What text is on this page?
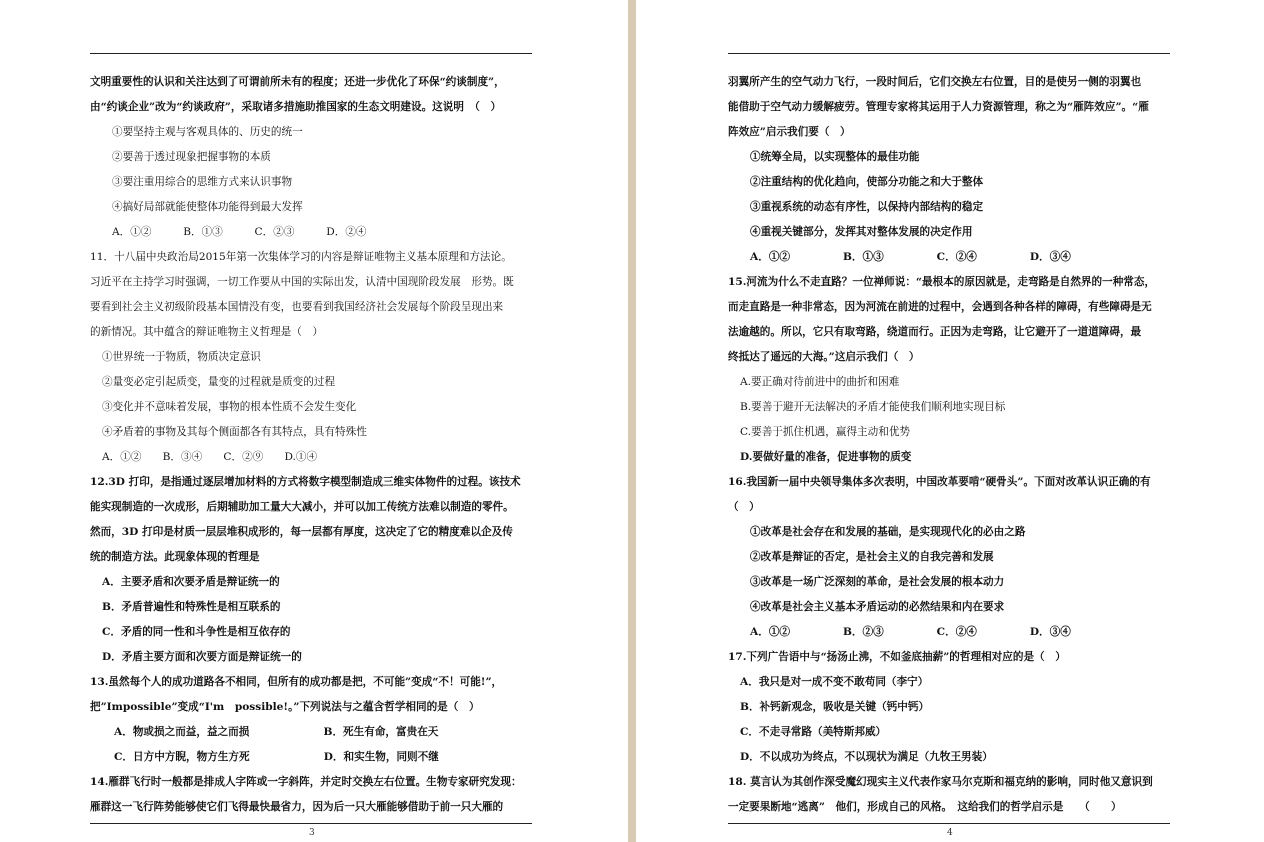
文明重要性的认识和关注达到了可谓前所未有的程度；还进一步优化了环保“约谈制度”，
由“约谈企业”改为“约谈政府”，采取诸多措施助推国家的生态文明建设。这说明　（　）
①要坚持主观与客观具体的、历史的统一
②要善于透过现象把握事物的本质
③要注重用综合的思维方式来认识事物
④搞好局部就能使整体功能得到最大发挥
A．①②　　　B．①③　　　C．②③　　　D．②④
11．十八届中央政治局2015年第一次集体学习的内容是辩证唯物主义基本原理和方法论。
习近平在主持学习时强调，一切工作要从中国的实际出发，认清中国现阶段发展　形势。既
要看到社会主义初级阶段基本国情没有变，也要看到我国经济社会发展每个阶段呈现出来
的新情况。其中蕴含的辩证唯物主义哲理是（　）
①世界统一于物质，物质决定意识
②量变必定引起质变，量变的过程就是质变的过程
③变化并不意味着发展，事物的根本性质不会发生变化
④矛盾着的事物及其每个侧面都各有其特点，具有特殊性
A．①②　　B．③④　　C．②⑨　　D.①④
12.3D 打印，是指通过逐层增加材料的方式将数字模型制造成三维实体物件的过程。该技术
能实现制造的一次成形，后期辅助加工量大大减小，并可以加工传统方法难以制造的零件。
然而，3D 打印是材质一层层堆积成形的，每一层都有厚度，这决定了它的精度难以企及传
统的制造方法。此现象体现的哲理是
A．主要矛盾和次要矛盾是辩证统一的
B．矛盾普遍性和特殊性是相互联系的
C．矛盾的同一性和斗争性是相互依存的
D．矛盾主要方面和次要方面是辩证统一的
13.虽然每个人的成功道路各不相同，但所有的成功都是把，不可能”变成“不！可能!”，
把”Impossible”变成“I'm　possible!。”下列说法与之蕴含哲学相同的是（　）
A．物或损之而益，益之而损　　　　　　　B．死生有命，富贵在天
C．日方中方睨，物方生方死　　　　　　　D．和实生物，同则不继
14.雁群飞行时一般都是排成人字阵或一字斜阵，并定时交换左右位置。生物专家研究发现：
雁群这一飞行阵势能够使它们飞得最快最省力，因为后一只大雁能够借助于前一只大雁的
3
羽翼所产生的空气动力飞行，一段时间后，它们交换左右位置，目的是使另一侧的羽翼也
能借助于空气动力缓解疲劳。管理专家将其运用于人力资源管理，称之为“雁阵效应”。“雁
阵效应”启示我们要（　）
①统筹全局，以实现整体的最佳功能
②注重结构的优化趋向，使部分功能之和大于整体
③重视系统的动态有序性，以保持内部结构的稳定
④重视关键部分，发挥其对整体发展的决定作用
A．①②　　　　　B．①③　　　　　C．②④　　　　　D．③④
15.河流为什么不走直路？一位禅师说：“最根本的原因就是，走弯路是自然界的一种常态，
而走直路是一种非常态，因为河流在前进的过程中，会遇到各种各样的障碍，有些障碍是无
法逾越的。所以，它只有取弯路，绕道而行。正因为走弯路，让它避开了一道道障碍，最
终抵达了遥远的大海。”这启示我们（　）
A.要正确对待前进中的曲折和困难
B.要善于避开无法解决的矛盾才能使我们顺利地实现目标
C.要善于抓住机遇，赢得主动和优势
D.要做好量的准备，促进事物的质变
16.我国新一届中央领导集体多次表明，中国改革要啃“硬骨头”。下面对改革认识正确的有
（　）
①改革是社会存在和发展的基础，是实现现代化的必由之路
②改革是辩证的否定，是社会主义的自我完善和发展
③改革是一场广泛深刻的革命，是社会发展的根本动力
④改革是社会主义基本矛盾运动的必然结果和内在要求
A．①②　　　　　B．②③　　　　　C．②④　　　　　D．③④
17.下列广告语中与“扬汤止沸，不如釜底抽薪”的哲理相对应的是（　）
A．我只是对一成不变不敢苟同（李宁）
B．补钙新观念，吸收是关键（钙中钙）
C．不走寻常路（美特斯邦威）
D．不以成功为终点，不以现状为满足（九牧王男装）
18. 莫言认为其创作深受魔幻现实主义代表作家马尔克斯和福克纳的影响，同时他又意识到
一定要果断地“逃离”　他们，形成自己的风格。　这给我们的哲学启示是　　（　　）
4
